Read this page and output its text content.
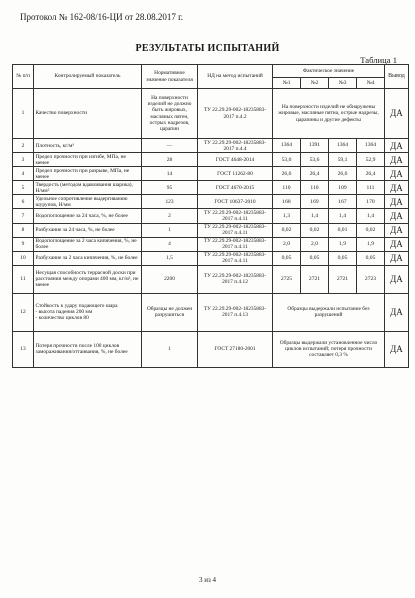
Протокол № 162-08/16-ЦИ от 28.08.2017 г.
РЕЗУЛЬТАТЫ ИСПЫТАНИЙ
Таблица 1
№ п/п	Контролируемый показатель	Нормативное значение показателя	НД на метод испытаний	Фактическое значение				Вывод
				№1	№2	№3	№4	
1	Качество поверхности	На поверхности изделий не должно быть жировых, масляных пятен, острых надрезов, царапин	ТУ 22.29.29-002-18235883-2017 п.4.2	На поверхности изделий не обнаружены жировые, масляные пятна, острые надрезы, царапины и другие дефекты				ДА
2	Плотность, кг/м³	—	ТУ 22.29.29-002-18235883-2017 п.4.4	1364	1391	1364	1364	ДА
3	Предел прочности при изгибе, МПа, не менее	28	ГОСТ 4648-2014	53,0	53,6	59,1	52,9	ДА
4	Предел прочности при разрыве, МПа, не менее	14	ГОСТ 11262-80	26,6	26,4	26,6	26,4	ДА
5	Твердость (методом вдавливания шарика), Н/мм²	95	ГОСТ 4670-2015	110	110	109	111	ДА
6	Удельное сопротивление выдергиванию шурупов, Н/мм	123	ГОСТ 10637-2010	168	169	167	170	ДА
7	Водопоглощение за 24 часа, %, не более	2	ТУ 22.29.29-002-18235883-2017 п.4.11	1,3	1,4	1,4	1,4	ДА
8	Разбухание за 24 часа, %, не более	1	ТУ 22.29.29-002-18235883-2017 п.4.11	0,02	0,02	0,01	0,02	ДА
9	Водопоглощение за 2 часа кипячения, %, не более	4	ТУ 22.29.29-002-18235883-2017 п.4.11	2,0	2,0	1,9	1,9	ДА
10	Разбухание за 2 часа кипячения, %, не более	1,5	ТУ 22.29.29-002-18235883-2017 п.4.11	0,05	0,05	0,05	0,05	ДА
11	Несущая способность террасной доски при расстоянии между опорами 400 мм, кг/м², не менее	2200	ТУ 22.29.29-002-18235883-2017 п.4.12	2725	2721	2721	2723	ДА
12	Стойкость к удару падающего шара
- высота падения 200 мм
- количество циклов 80	Образцы не должен разрушиться	ТУ 22.29.29-002-18235883-2017 п.4.13	Образцы выдержали испытание без разрушений				ДА
13	Потеря прочности после 100 циклов замораживания/оттаивания, %, не более	1	ГОСТ 27180-2001	Образцы выдержали установленное число циклов испытаний; потеря прочности составляет 0,3 %				ДА
3 из 4
